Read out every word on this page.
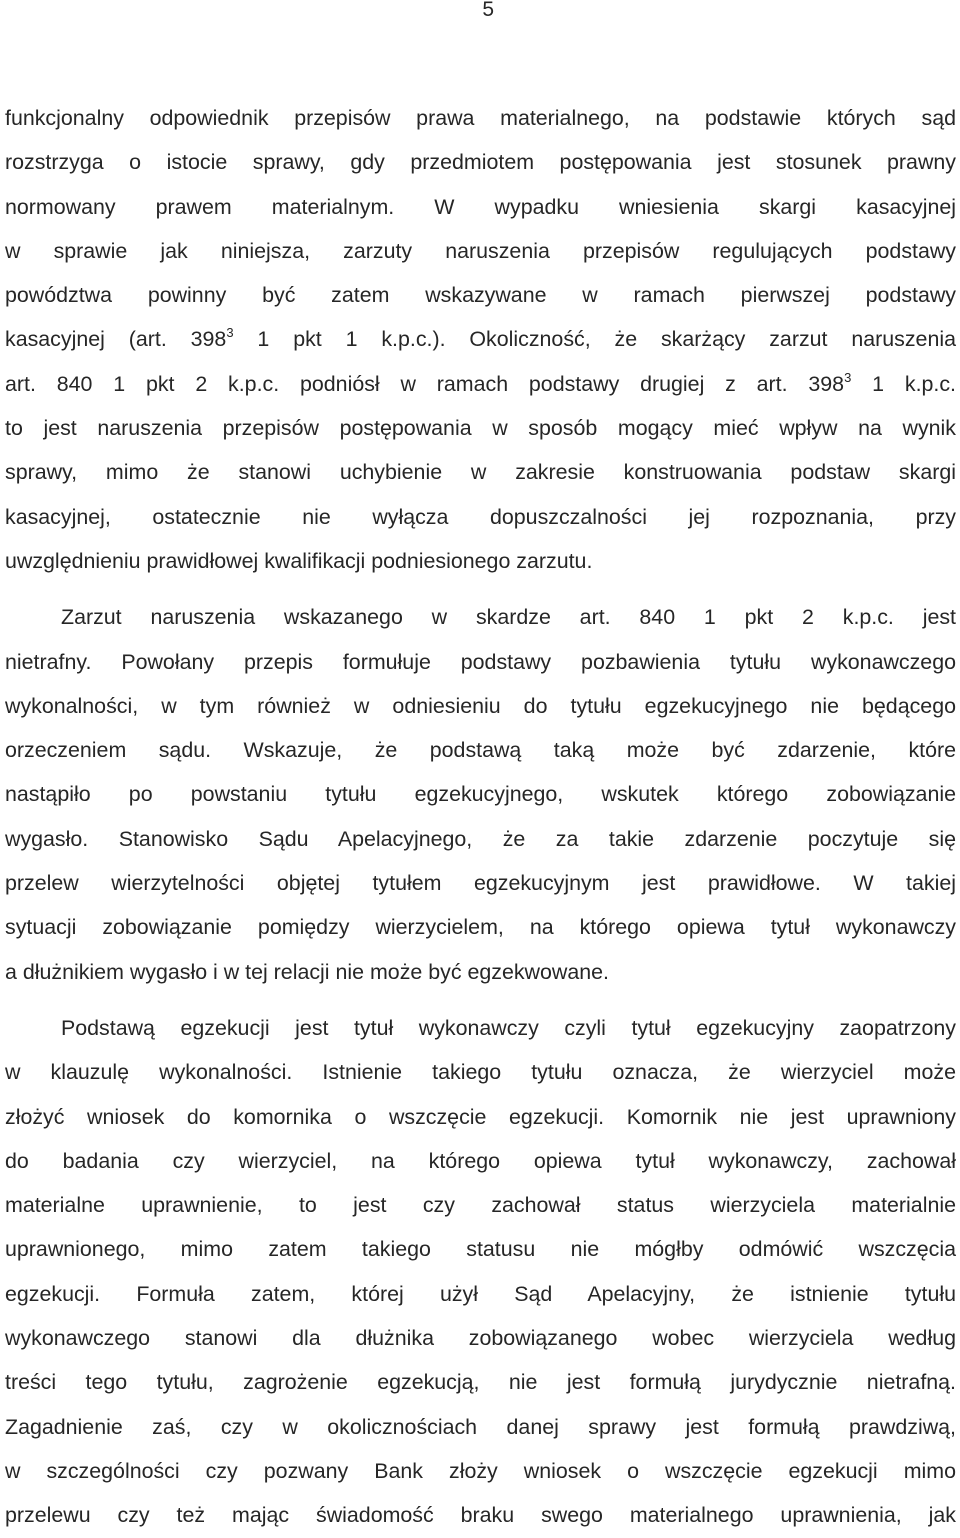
5
funkcjonalny odpowiednik przepisów prawa materialnego, na podstawie których sąd
rozstrzyga o istocie sprawy, gdy przedmiotem postępowania jest stosunek prawny
normowany prawem materialnym. W wypadku wniesienia skargi kasacyjnej
w sprawie jak niniejsza, zarzuty naruszenia przepisów regulujących podstawy
powództwa powinny być zatem wskazywane w ramach pierwszej podstawy
kasacyjnej (art. $398^3$ 1 pkt 1 k.p.c.). Okoliczność, że skarżący zarzut naruszenia
art. 840 1 pkt 2 k.p.c. podniósł w ramach podstawy drugiej z art. $398^3$ 1 k.p.c.
to jest naruszenia przepisów postępowania w sposób mogący mieć wpływ na wynik
sprawy, mimo że stanowi uchybienie w zakresie konstruowania podstaw skargi
kasacyjnej, ostatecznie nie wyłącza dopuszczalności jej rozpoznania, przy
uwzględnieniu prawidłowej kwalifikacji podniesionego zarzutu.
Zarzut naruszenia wskazanego w skardze art. 840 1 pkt 2 k.p.c. jest
nietrafny. Powołany przepis formułuje podstawy pozbawienia tytułu wykonawczego
wykonalności, w tym również w odniesieniu do tytułu egzekucyjnego nie będącego
orzeczeniem sądu. Wskazuje, że podstawą taką może być zdarzenie, które
nastąpiło po powstaniu tytułu egzekucyjnego, wskutek którego zobowiązanie
wygasło. Stanowisko Sądu Apelacyjnego, że za takie zdarzenie poczytuje się
przelew wierzytelności objętej tytułem egzekucyjnym jest prawidłowe. W takiej
sytuacji zobowiązanie pomiędzy wierzycielem, na którego opiewa tytuł wykonawczy
a dłużnikiem wygasło i w tej relacji nie może być egzekwowane.
Podstawą egzekucji jest tytuł wykonawczy czyli tytuł egzekucyjny zaopatrzony
w klauzulę wykonalności. Istnienie takiego tytułu oznacza, że wierzyciel może
złożyć wniosek do komornika o wszczęcie egzekucji. Komornik nie jest uprawniony
do badania czy wierzyciel, na którego opiewa tytuł wykonawczy, zachował
materialne uprawnienie, to jest czy zachował status wierzyciela materialnie
uprawnionego, mimo zatem takiego statusu nie mógłby odmówić wszczęcia
egzekucji. Formuła zatem, której użył Sąd Apelacyjny, że istnienie tytułu
wykonawczego stanowi dla dłużnika zobowiązanego wobec wierzyciela według
treści tego tytułu, zagrożenie egzekucją, nie jest formułą jurydycznie nietrafną.
Zagadnienie zaś, czy w okolicznościach danej sprawy jest formułą prawdziwą,
w szczególności czy pozwany Bank złoży wniosek o wszczęcie egzekucji mimo
przelewu czy też mając świadomość braku swego materialnego uprawnienia, jak
